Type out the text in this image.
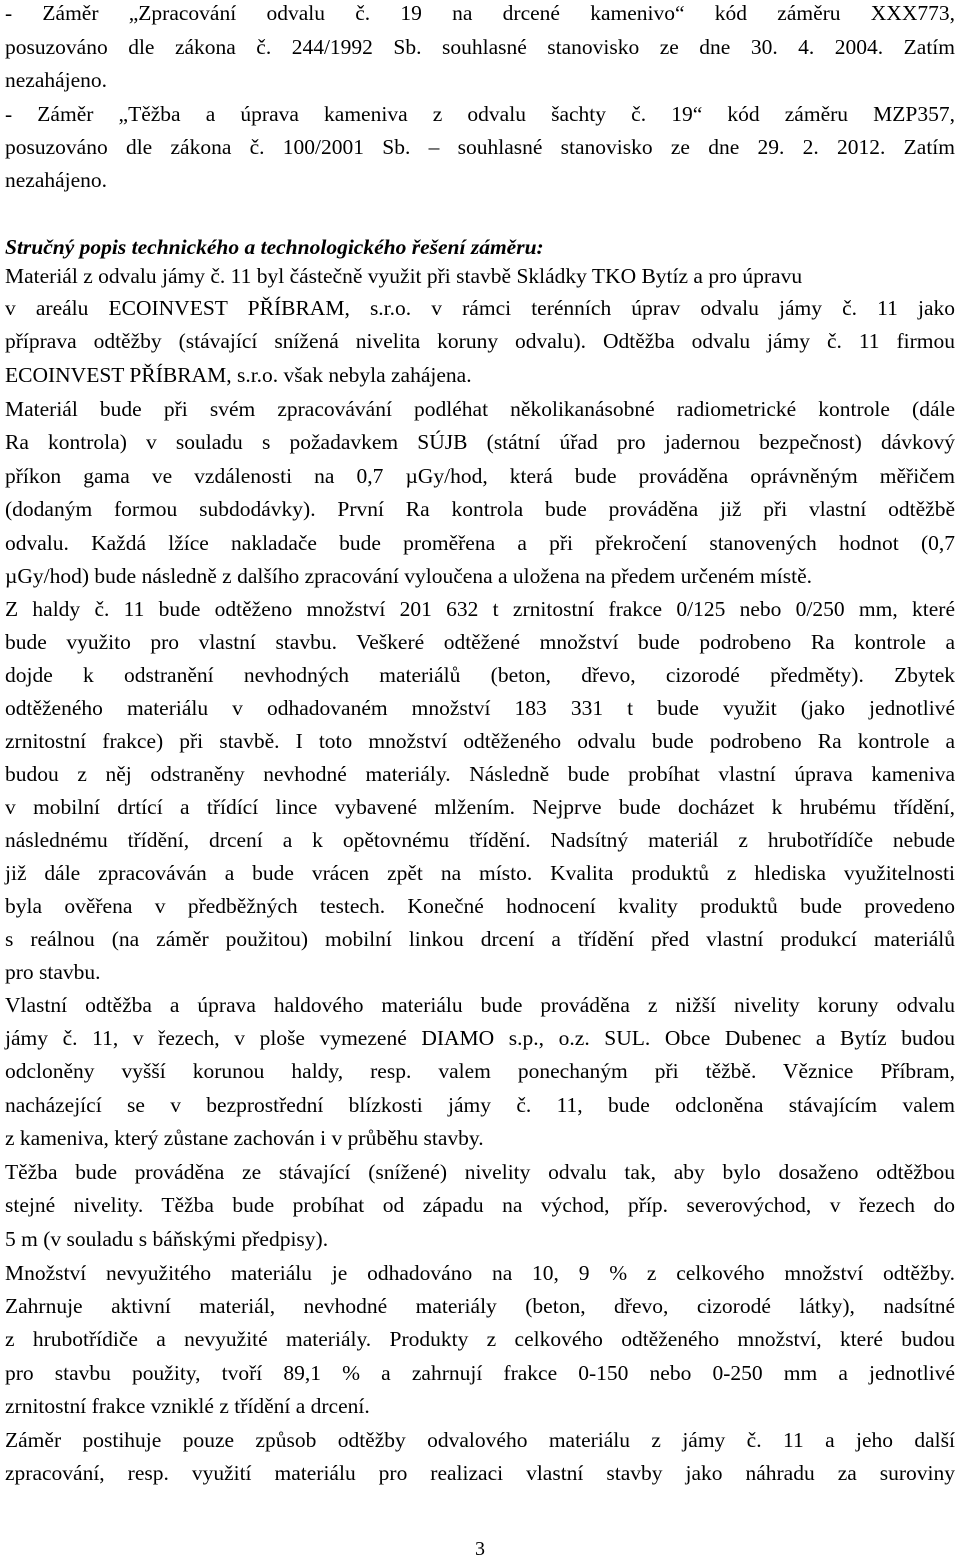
- Záměr „Zpracování odvalu č. 19 na drcené kamenivo“ kód záměru XXX773,
posuzováno dle zákona č. 244/1992 Sb. souhlasné stanovisko ze dne 30. 4. 2004. Zatím
nezahájeno.
- Záměr „Těžba a úprava kameniva z odvalu šachty č. 19“ kód záměru MZP357,
posuzováno dle zákona č. 100/2001 Sb. – souhlasné stanovisko ze dne 29. 2. 2012. Zatím
nezahájeno.
Stručný popis technického a technologického řešení záměru:
Materiál z odvalu jámy č. 11 byl částečně využit při stavbě Skládky TKO Bytíz a pro úpravu
v areálu ECOINVEST PŘÍBRAM, s.r.o. v rámci terénních úprav odvalu jámy č. 11 jako
příprava odtěžby (stávající snížená nivelita koruny odvalu). Odtěžba odvalu jámy č. 11 firmou
ECOINVEST PŘÍBRAM, s.r.o. však nebyla zahájena.
Materiál bude při svém zpracovávání podléhat několikanásobné radiometrické kontrole (dále
Ra kontrola) v souladu s požadavkem SÚJB (státní úřad pro jadernou bezpečnost) dávkový
příkon gama ve vzdálenosti na 0,7 µGy/hod, která bude prováděna oprávněným měřičem
(dodaným formou subdodávky). První Ra kontrola bude prováděna již při vlastní odtěžbě
odvalu. Každá lžíce nakladače bude proměřena a při překročení stanovených hodnot (0,7
µGy/hod) bude následně z dalšího zpracování vyloučena a uložena na předem určeném místě.
Z haldy č. 11 bude odtěženo množství 201 632 t zrnitostní frakce 0/125 nebo 0/250 mm, které
bude využito pro vlastní stavbu. Veškeré odtěžené množství bude podrobeno Ra kontrole a
dojde k odstranění nevhodných materiálů (beton, dřevo, cizorodé předměty). Zbytek
odtěženého materiálu v odhadovaném množství 183 331 t bude využit (jako jednotlivé
zrnitostní frakce) při stavbě. I toto množství odtěženého odvalu bude podrobeno Ra kontrole a
budou z něj odstraněny nevhodné materiály. Následně bude probíhat vlastní úprava kameniva
v mobilní drtící a třídící lince vybavené mlžením. Nejprve bude docházet k hrubému třídění,
následnému třídění, drcení a k opětovnému třídění. Nadsítný materiál z hrubotřídíče nebude
již dále zpracováván a bude vrácen zpět na místo. Kvalita produktů z hlediska využitelnosti
byla ověřena v předběžných testech. Konečné hodnocení kvality produktů bude provedeno
s reálnou (na záměr použitou) mobilní linkou drcení a třídění před vlastní produkcí materiálů
pro stavbu.
Vlastní odtěžba a úprava haldového materiálu bude prováděna z nižší nivelity koruny odvalu
jámy č. 11, v řezech, v ploše vymezené DIAMO s.p., o.z. SUL. Obce Dubenec a Bytíz budou
odcloněny vyšší korunou haldy, resp. valem ponechaným při těžbě. Věznice Příbram,
nacházející se v bezprostřední blízkosti jámy č. 11, bude odcloněna stávajícím valem
z kameniva, který zůstane zachován i v průběhu stavby.
Těžba bude prováděna ze stávající (snížené) nivelity odvalu tak, aby bylo dosaženo odtěžbou
stejné nivelity. Těžba bude probíhat od západu na východ, příp. severovýchod, v řezech do
5 m (v souladu s báňskými předpisy).
Množství nevyužitého materiálu je odhadováno na 10, 9 % z celkového množství odtěžby.
Zahrnuje aktivní materiál, nevhodné materiály (beton, dřevo, cizorodé látky), nadsítné
z hrubotřídiče a nevyužité materiály. Produkty z celkového odtěženého množství, které budou
pro stavbu použity, tvoří 89,1 % a zahrnují frakce 0-150 nebo 0-250 mm a jednotlivé
zrnitostní frakce vzniklé z třídění a drcení.
Záměr postihuje pouze způsob odtěžby odvalového materiálu z jámy č. 11 a jeho další
zpracování, resp. využití materiálu pro realizaci vlastní stavby jako náhradu za suroviny
3
